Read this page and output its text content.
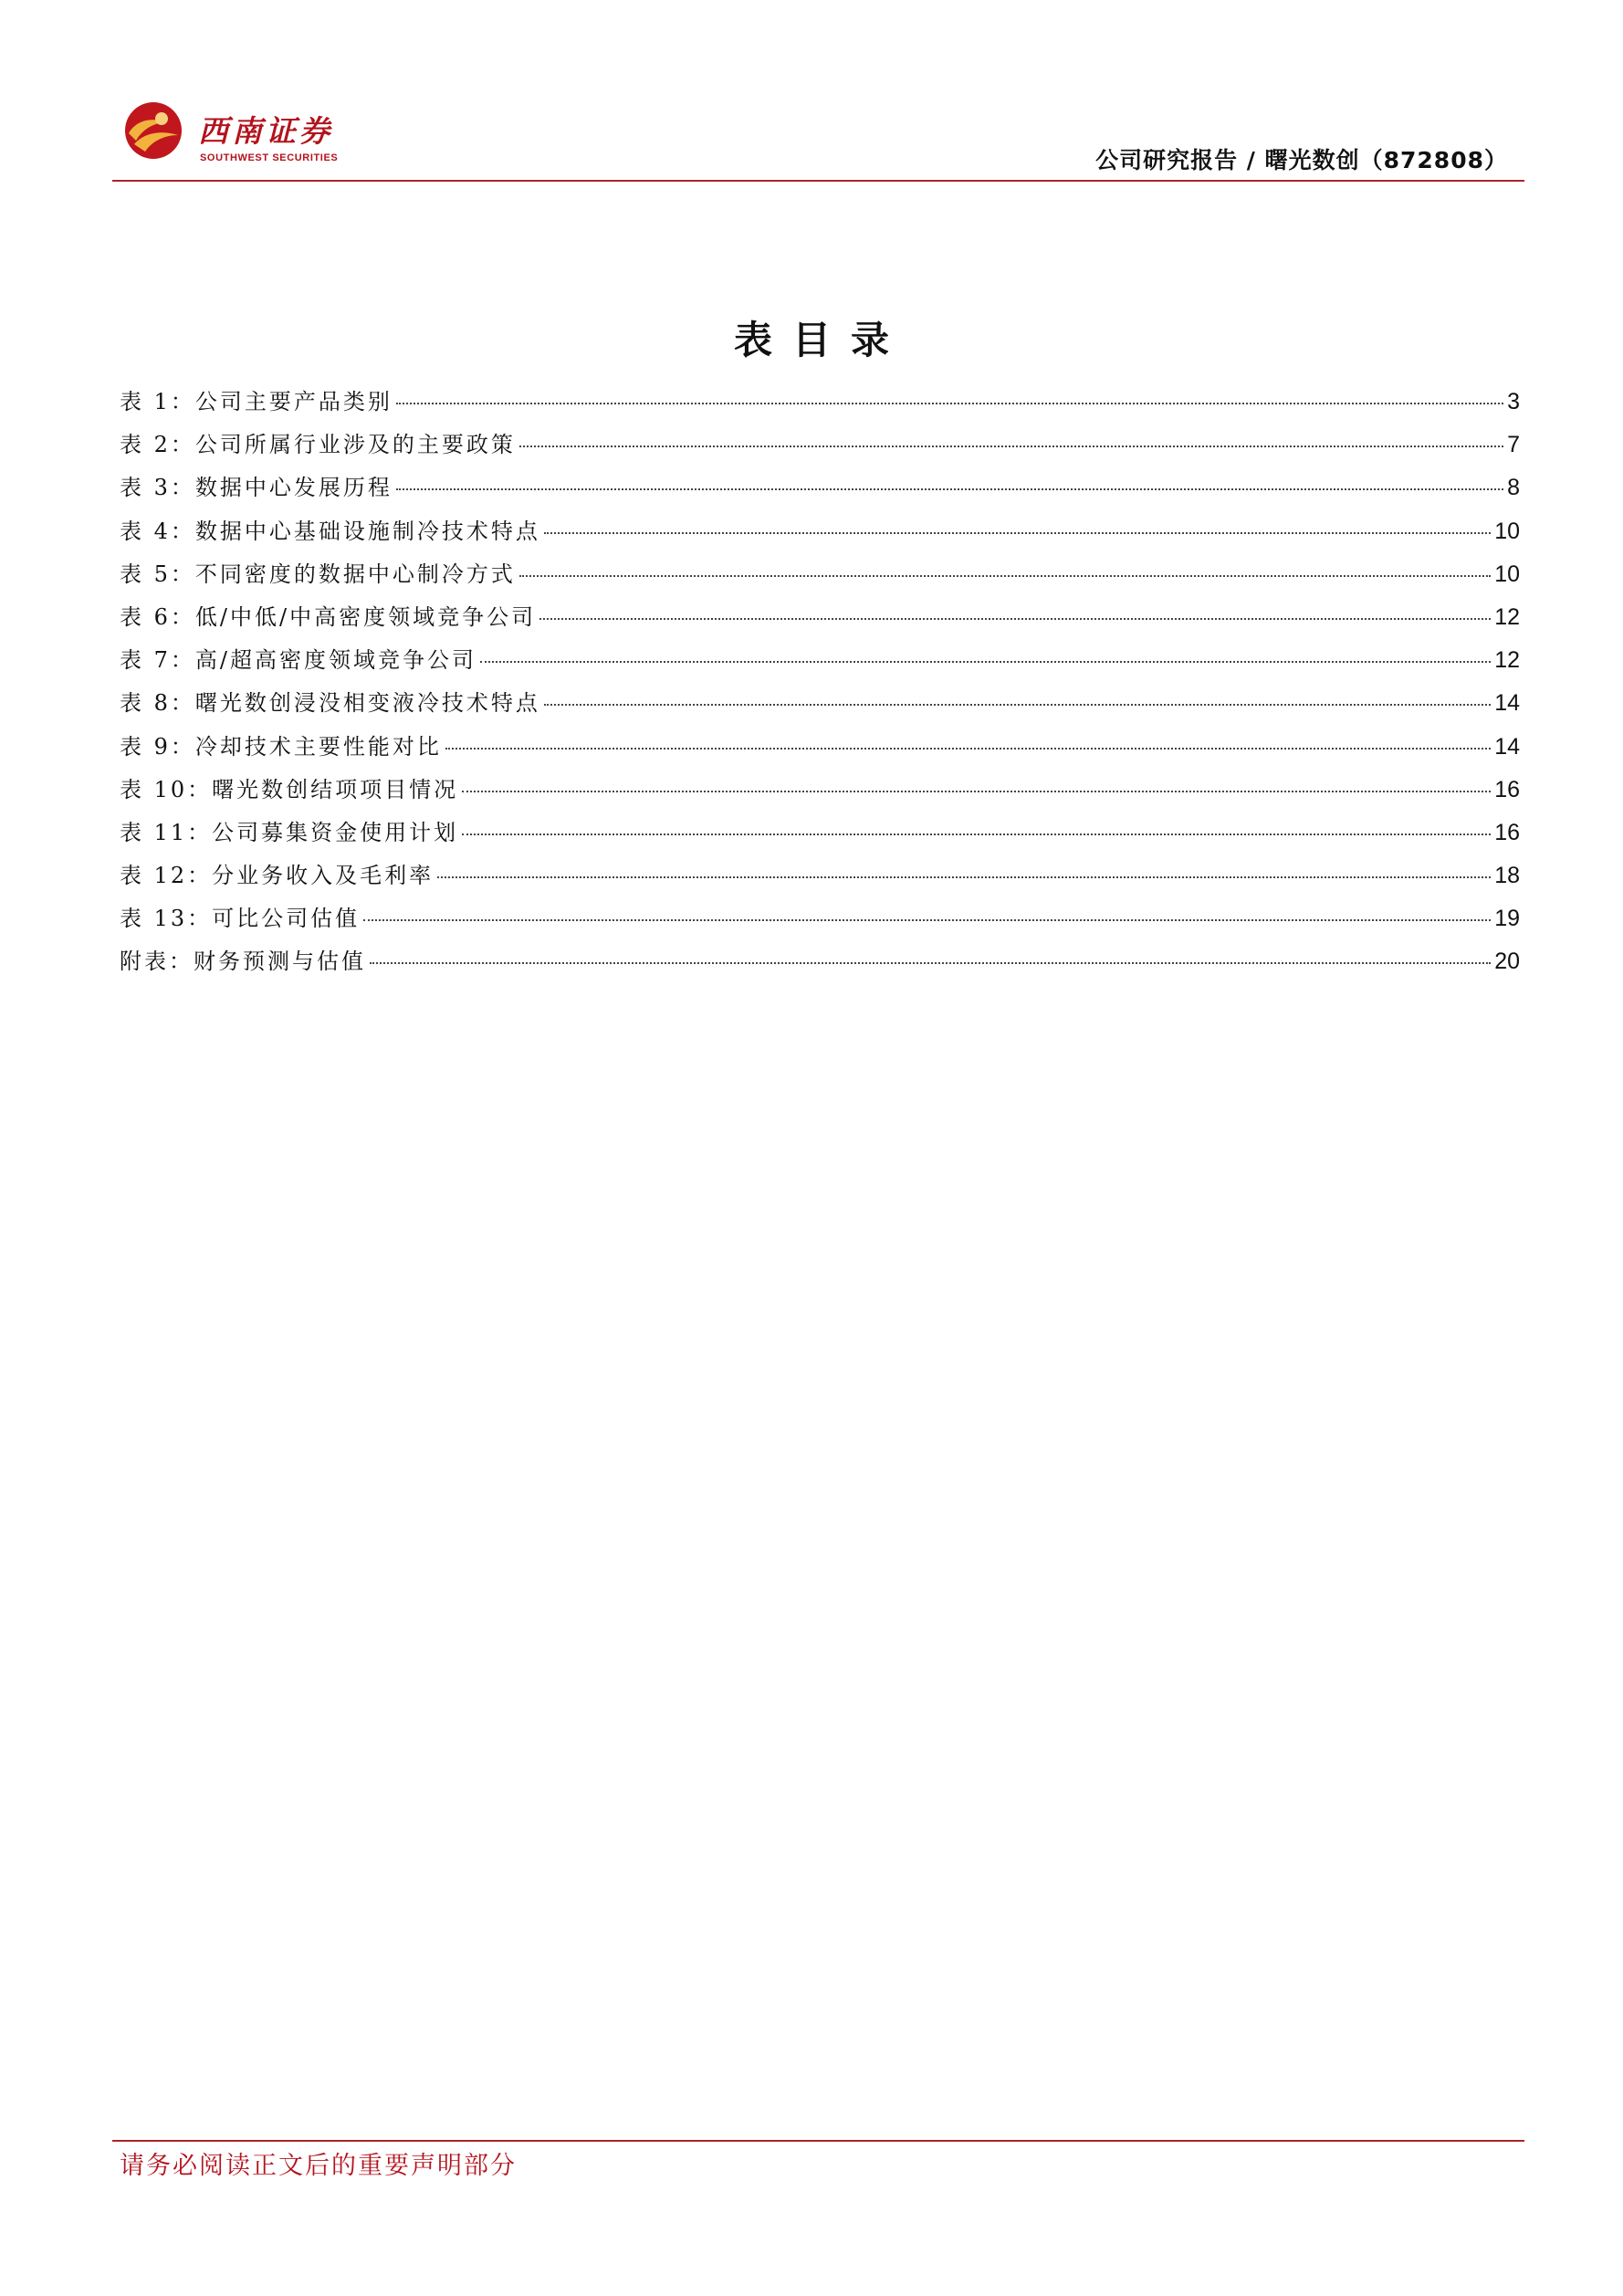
西南证券
SOUTHWEST SECURITIES	公司研究报告 / 曙光数创（872808）
表目录
表 1：公司主要产品类别	3
表 2：公司所属行业涉及的主要政策	7
表 3：数据中心发展历程	8
表 4：数据中心基础设施制冷技术特点	10
表 5：不同密度的数据中心制冷方式	10
表 6：低/中低/中高密度领域竞争公司	12
表 7：高/超高密度领域竞争公司	12
表 8：曙光数创浸没相变液冷技术特点	14
表 9：冷却技术主要性能对比	14
表 10：曙光数创结项项目情况	16
表 11：公司募集资金使用计划	16
表 12：分业务收入及毛利率	18
表 13：可比公司估值	19
附表：财务预测与估值	20
请务必阅读正文后的重要声明部分
